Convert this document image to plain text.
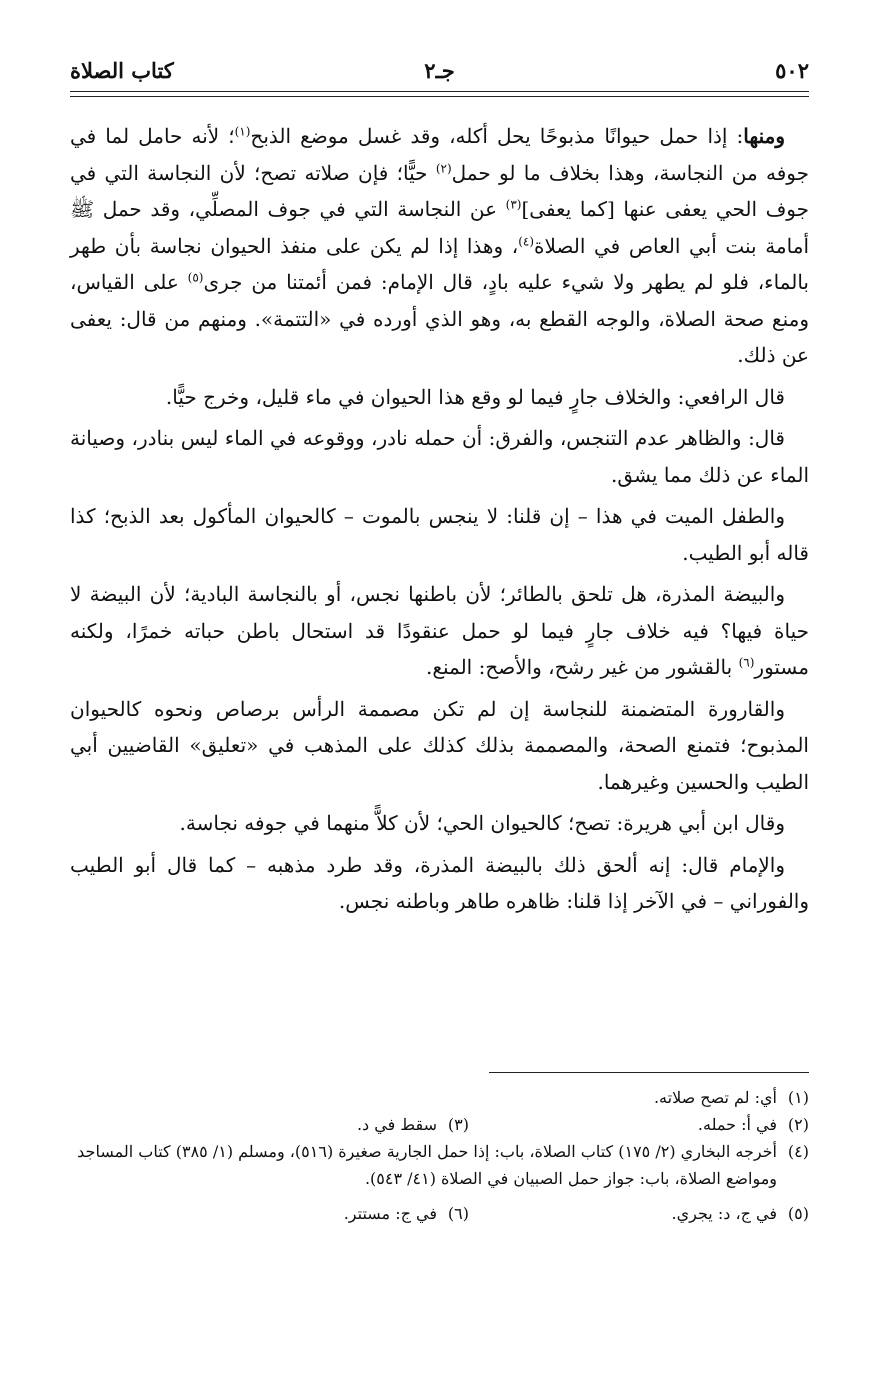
٥٠٢
جـ٢
كتاب الصلاة

ومنها: إذا حمل حيوانًا مذبوحًا يحل أكله، وقد غسل موضع الذبح$^{(١)}$؛ لأنه حامل لما في جوفه من النجاسة، وهذا بخلاف ما لو حمل$^{(٢)}$ حيًّا؛ فإن صلاته تصح؛ لأن النجاسة التي في جوف الحي يعفى عنها [كما يعفى]$^{(٣)}$ عن النجاسة التي في جوف المصلِّي، وقد حمل ﷺ أمامة بنت أبي العاص في الصلاة$^{(٤)}$، وهذا إذا لم يكن على منفذ الحيوان نجاسة بأن طهر بالماء، فلو لم يطهر ولا شيء عليه بادٍ، قال الإمام: فمن أئمتنا من جرى$^{(٥)}$ على القياس، ومنع صحة الصلاة، والوجه القطع به، وهو الذي أورده في «التتمة». ومنهم من قال: يعفى عن ذلك.

قال الرافعي: والخلاف جارٍ فيما لو وقع هذا الحيوان في ماء قليل، وخرج حيًّا.

قال: والظاهر عدم التنجس، والفرق: أن حمله نادر، ووقوعه في الماء ليس بنادر، وصيانة الماء عن ذلك مما يشق.

والطفل الميت في هذا – إن قلنا: لا ينجس بالموت – كالحيوان المأكول بعد الذبح؛ كذا قاله أبو الطيب.

والبيضة المذرة، هل تلحق بالطائر؛ لأن باطنها نجس، أو بالنجاسة البادية؛ لأن البيضة لا حياة فيها؟ فيه خلاف جارٍ فيما لو حمل عنقودًا قد استحال باطن حباته خمرًا، ولكنه مستور$^{(٦)}$ بالقشور من غير رشح، والأصح: المنع.

والقارورة المتضمنة للنجاسة إن لم تكن مصممة الرأس برصاص ونحوه كالحيوان المذبوح؛ فتمنع الصحة، والمصممة بذلك كذلك على المذهب في «تعليق» القاضيين أبي الطيب والحسين وغيرهما.

وقال ابن أبي هريرة: تصح؛ كالحيوان الحي؛ لأن كلاًّ منهما في جوفه نجاسة.

والإمام قال: إنه ألحق ذلك بالبيضة المذرة، وقد طرد مذهبه – كما قال أبو الطيب والفوراني – في الآخر إذا قلنا: ظاهره طاهر وباطنه نجس.

(١)
أي: لم تصح صلاته.
(٢)في أ: حمله.
(٣)سقط في د.
(٤)
أخرجه البخاري (٢/ ١٧٥) كتاب الصلاة، باب: إذا حمل الجارية صغيرة (٥١٦)، ومسلم (١/ ٣٨٥) كتاب المساجد ومواضع الصلاة، باب: جواز حمل الصبيان في الصلاة (٤١/ ٥٤٣).
(٥)في ج، د: يجري.
(٦)في ج: مستتر.
